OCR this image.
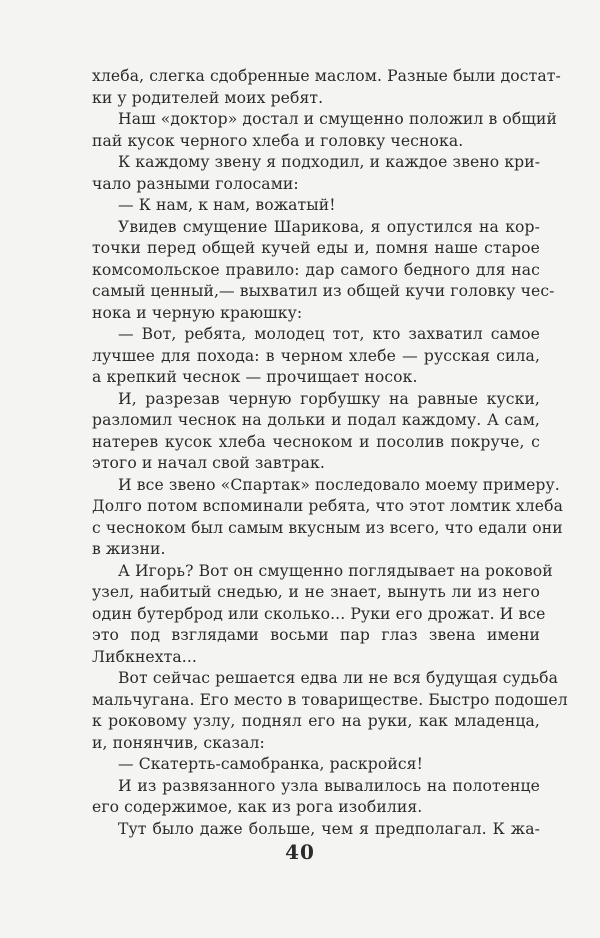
хлеба, слегка сдобренные маслом. Разные были достат-
ки у родителей моих ребят.
Наш «доктор» достал и смущенно положил в общий
пай кусок черного хлеба и головку чеснока.
К каждому звену я подходил, и каждое звено кри-
чало разными голосами:
— К нам, к нам, вожатый!
Увидев смущение Шарикова, я опустился на кор-
точки перед общей кучей еды и, помня наше старое
комсомольское правило: дар самого бедного для нас
самый ценный,— выхватил из общей кучи головку чес-
нока и черную краюшку:
— Вот, ребята, молодец тот, кто захватил самое
лучшее для похода: в черном хлебе — русская сила,
а крепкий чеснок — прочищает носок.
И, разрезав черную горбушку на равные куски,
разломил чеснок на дольки и подал каждому. А сам,
натерев кусок хлеба чесноком и посолив покруче, с
этого и начал свой завтрак.
И все звено «Спартак» последовало моему примеру.
Долго потом вспоминали ребята, что этот ломтик хлеба
с чесноком был самым вкусным из всего, что едали они
в жизни.
А Игорь? Вот он смущенно поглядывает на роковой
узел, набитый снедью, и не знает, вынуть ли из него
один бутерброд или сколько... Руки его дрожат. И все
это под взглядами восьми пар глаз звена имени
Либкнехта...
Вот сейчас решается едва ли не вся будущая судьба
мальчугана. Его место в товариществе. Быстро подошел
к роковому узлу, поднял его на руки, как младенца,
и, понянчив, сказал:
— Скатерть-самобранка, раскройся!
И из развязанного узла вывалилось на полотенце
его содержимое, как из рога изобилия.
Тут было даже больше, чем я предполагал. К жа-
40
